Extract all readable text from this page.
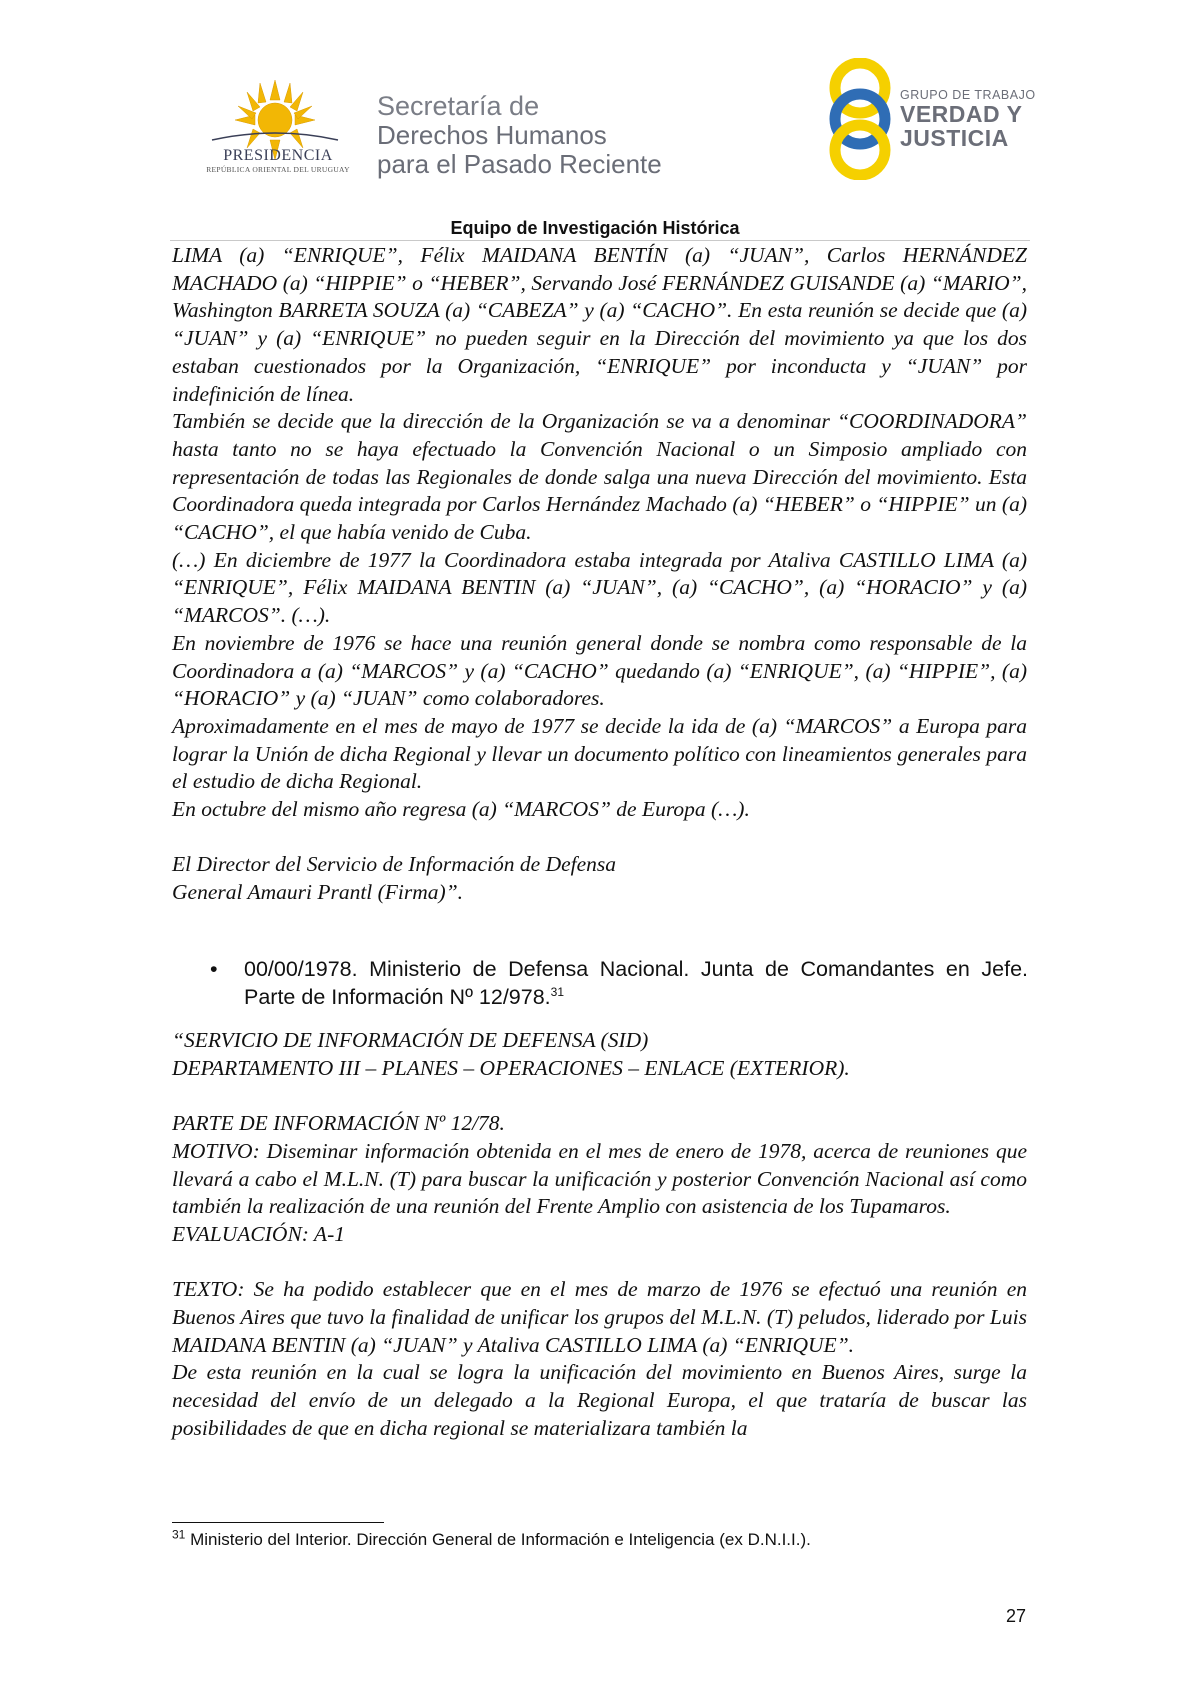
PRESIDENCIA
REPÚBLICA ORIENTAL DEL URUGUAY
Secretaría de
Derechos Humanos
para el Pasado Reciente
GRUPO DE TRABAJO
VERDAD Y
JUSTICIA
Equipo de Investigación Histórica

LIMA (a) “ENRIQUE”, Félix MAIDANA BENTÍN (a) “JUAN”, Carlos HERNÁNDEZ MACHADO (a) “HIPPIE” o “HEBER”, Servando José FERNÁNDEZ GUISANDE (a) “MARIO”, Washington BARRETA SOUZA (a) “CABEZA” y (a) “CACHO”. En esta reunión se decide que (a) “JUAN” y (a) “ENRIQUE” no pueden seguir en la Dirección del movimiento ya que los dos estaban cuestionados por la Organización, “ENRIQUE” por inconducta y “JUAN” por indefinición de línea.

También se decide que la dirección de la Organización se va a denominar “COORDINADORA” hasta tanto no se haya efectuado la Convención Nacional o un Simposio ampliado con representación de todas las Regionales de donde salga una nueva Dirección del movimiento. Esta Coordinadora queda integrada por Carlos Hernández Machado (a) “HEBER” o “HIPPIE” un (a) “CACHO”, el que había venido de Cuba.

(…) En diciembre de 1977 la Coordinadora estaba integrada por Ataliva CASTILLO LIMA (a) “ENRIQUE”, Félix MAIDANA BENTIN (a) “JUAN”, (a) “CACHO”, (a) “HORACIO” y (a) “MARCOS”. (…).

En noviembre de 1976 se hace una reunión general donde se nombra como responsable de la Coordinadora a (a) “MARCOS” y (a) “CACHO” quedando (a) “ENRIQUE”, (a) “HIPPIE”, (a) “HORACIO” y (a) “JUAN” como colaboradores.

Aproximadamente en el mes de mayo de 1977 se decide la ida de (a) “MARCOS” a Europa para lograr la Unión de dicha Regional y llevar un documento político con lineamientos generales para el estudio de dicha Regional.

En octubre del mismo año regresa (a) “MARCOS” de Europa (…).

El Director del Servicio de Información de Defensa

General Amauri Prantl (Firma)”.

• 00/00/1978. Ministerio de Defensa Nacional. Junta de Comandantes en Jefe. Parte de Información Nº 12/978.31

“SERVICIO DE INFORMACIÓN DE DEFENSA (SID)

DEPARTAMENTO III – PLANES – OPERACIONES – ENLACE (EXTERIOR).

PARTE DE INFORMACIÓN Nº 12/78.

MOTIVO: Diseminar información obtenida en el mes de enero de 1978, acerca de reuniones que llevará a cabo el M.L.N. (T) para buscar la unificación y posterior Convención Nacional así como también la realización de una reunión del Frente Amplio con asistencia de los Tupamaros.

EVALUACIÓN: A-1

TEXTO: Se ha podido establecer que en el mes de marzo de 1976 se efectuó una reunión en Buenos Aires que tuvo la finalidad de unificar los grupos del M.L.N. (T) peludos, liderado por Luis MAIDANA BENTIN (a) “JUAN” y Ataliva CASTILLO LIMA (a) “ENRIQUE”.

De esta reunión en la cual se logra la unificación del movimiento en Buenos Aires, surge la necesidad del envío de un delegado a la Regional Europa, el que trataría de buscar las posibilidades de que en dicha regional se materializara también la

$^{31}$ Ministerio del Interior. Dirección General de Información e Inteligencia (ex D.N.I.I.).
27
